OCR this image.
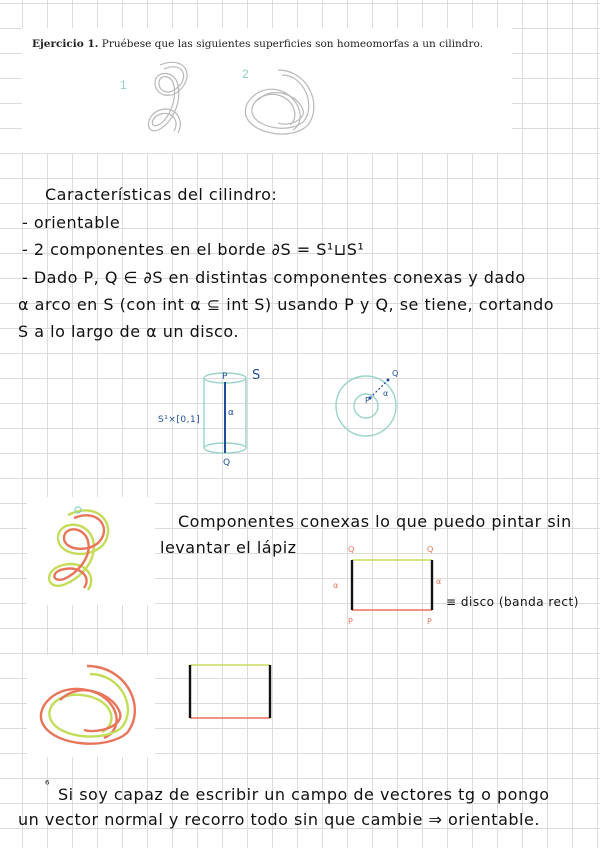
Ejercicio 1. Pruébese que las siguientes superficies son homeomorfas a un cilindro.
1
2
Características del cilindro:
- orientable
- 2 componentes en el borde ∂S = S¹⊔S¹
- Dado P, Q ∈ ∂S en distintas componentes conexas y dado
α arco en S (con int α ⊆ int S) usando P y Q, se tiene, cortando
S a lo largo de α un disco.
P S
α
S¹×[0,1]
Q
Q
P
α
Componentes conexas lo que puedo pintar sin
levantar el lápiz	Q	Q
α	α
P	P
≡ disco (banda rect)
⁶
Si soy capaz de escribir un campo de vectores tg o pongo
un vector normal y recorro todo sin que cambie ⇒ orientable.
